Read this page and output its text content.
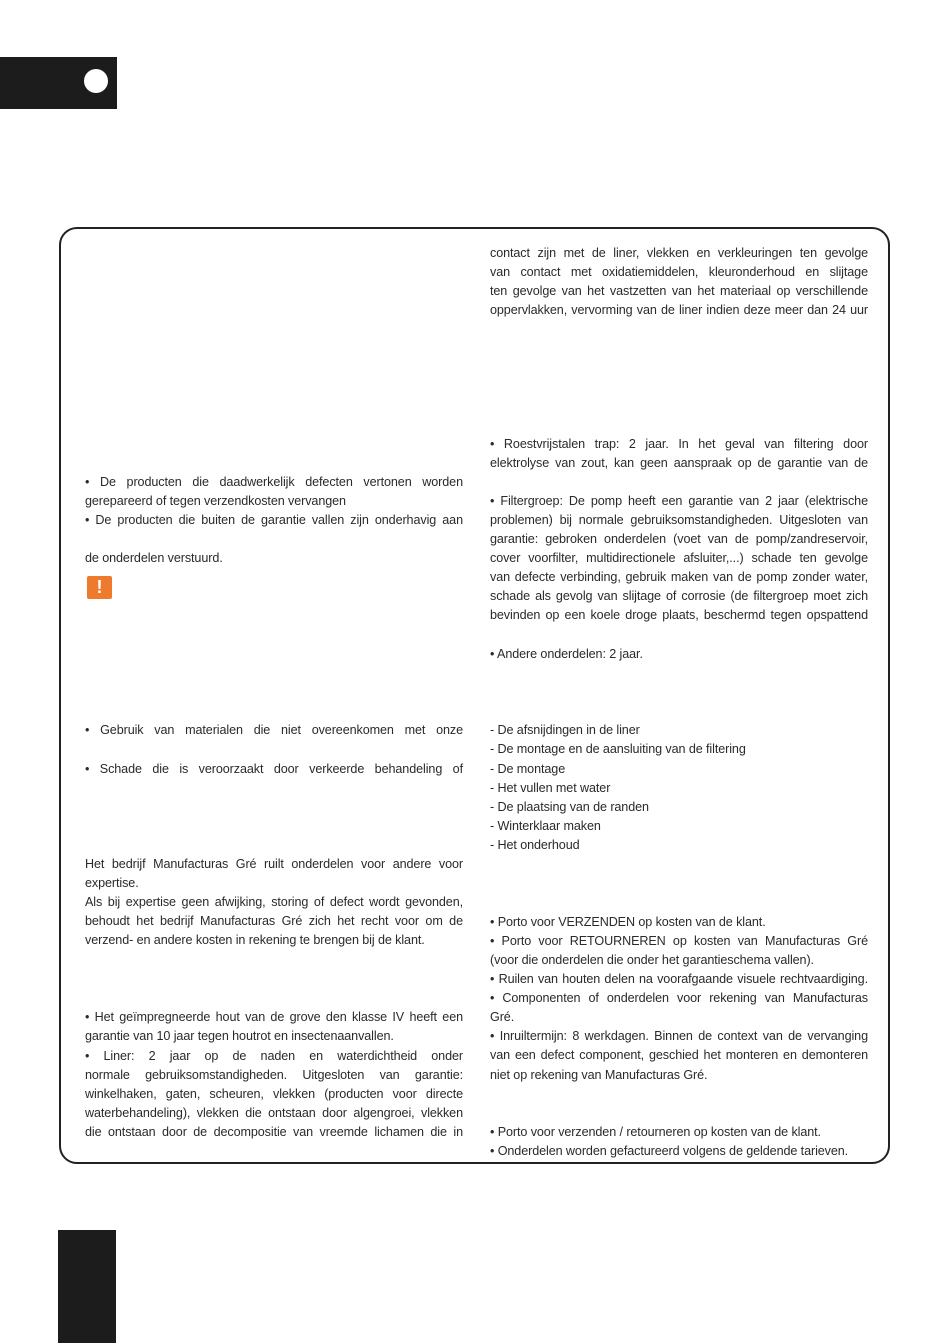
• De producten die daadwerkelijk defecten vertonen worden
gerepareerd of tegen verzendkosten vervangen
• De producten die buiten de garantie vallen zijn onderhavig aan
de onderdelen verstuurd.
!
• Gebruik van materialen die niet overeenkomen met onze
• Schade die is veroorzaakt door verkeerde behandeling of
Het bedrijf Manufacturas Gré ruilt onderdelen voor andere voor
expertise.
Als bij expertise geen afwijking, storing of defect wordt gevonden,
behoudt het bedrijf Manufacturas Gré zich het recht voor om de
verzend- en andere kosten in rekening te brengen bij de klant.
• Het geïmpregneerde hout van de grove den klasse IV heeft een
garantie van 10 jaar tegen houtrot en insectenaanvallen.
• Liner: 2 jaar op de naden en waterdichtheid onder
normale gebruiksomstandigheden. Uitgesloten van garantie:
winkelhaken, gaten, scheuren, vlekken (producten voor directe
waterbehandeling), vlekken die ontstaan door algengroei, vlekken
die ontstaan door de decompositie van vreemde lichamen die in
contact zijn met de liner, vlekken en verkleuringen ten gevolge
van contact met oxidatiemiddelen, kleuronderhoud en slijtage
ten gevolge van het vastzetten van het materiaal op verschillende
oppervlakken, vervorming van de liner indien deze meer dan 24 uur
• Roestvrijstalen trap: 2 jaar. In het geval van filtering door
elektrolyse van zout, kan geen aanspraak op de garantie van de
• Filtergroep: De pomp heeft een garantie van 2 jaar (elektrische
problemen) bij normale gebruiksomstandigheden. Uitgesloten van
garantie: gebroken onderdelen (voet van de pomp/zandreservoir,
cover voorfilter, multidirectionele afsluiter,...) schade ten gevolge
van defecte verbinding, gebruik maken van de pomp zonder water,
schade als gevolg van slijtage of corrosie (de filtergroep moet zich
bevinden op een koele droge plaats, beschermd tegen opspattend
• Andere onderdelen: 2 jaar.
- De afsnijdingen in de liner
- De montage en de aansluiting van de filtering
- De montage
- Het vullen met water
- De plaatsing van de randen
- Winterklaar maken
- Het onderhoud
• Porto voor VERZENDEN op kosten van de klant.
• Porto voor RETOURNEREN op kosten van Manufacturas Gré
(voor die onderdelen die onder het garantieschema vallen).
• Ruilen van houten delen na voorafgaande visuele rechtvaardiging.
• Componenten of onderdelen voor rekening van Manufacturas
Gré.
• Inruiltermijn: 8 werkdagen. Binnen de context van de vervanging
van een defect component, geschied het monteren en demonteren
niet op rekening van Manufacturas Gré.
• Porto voor verzenden / retourneren op kosten van de klant.
• Onderdelen worden gefactureerd volgens de geldende tarieven.
